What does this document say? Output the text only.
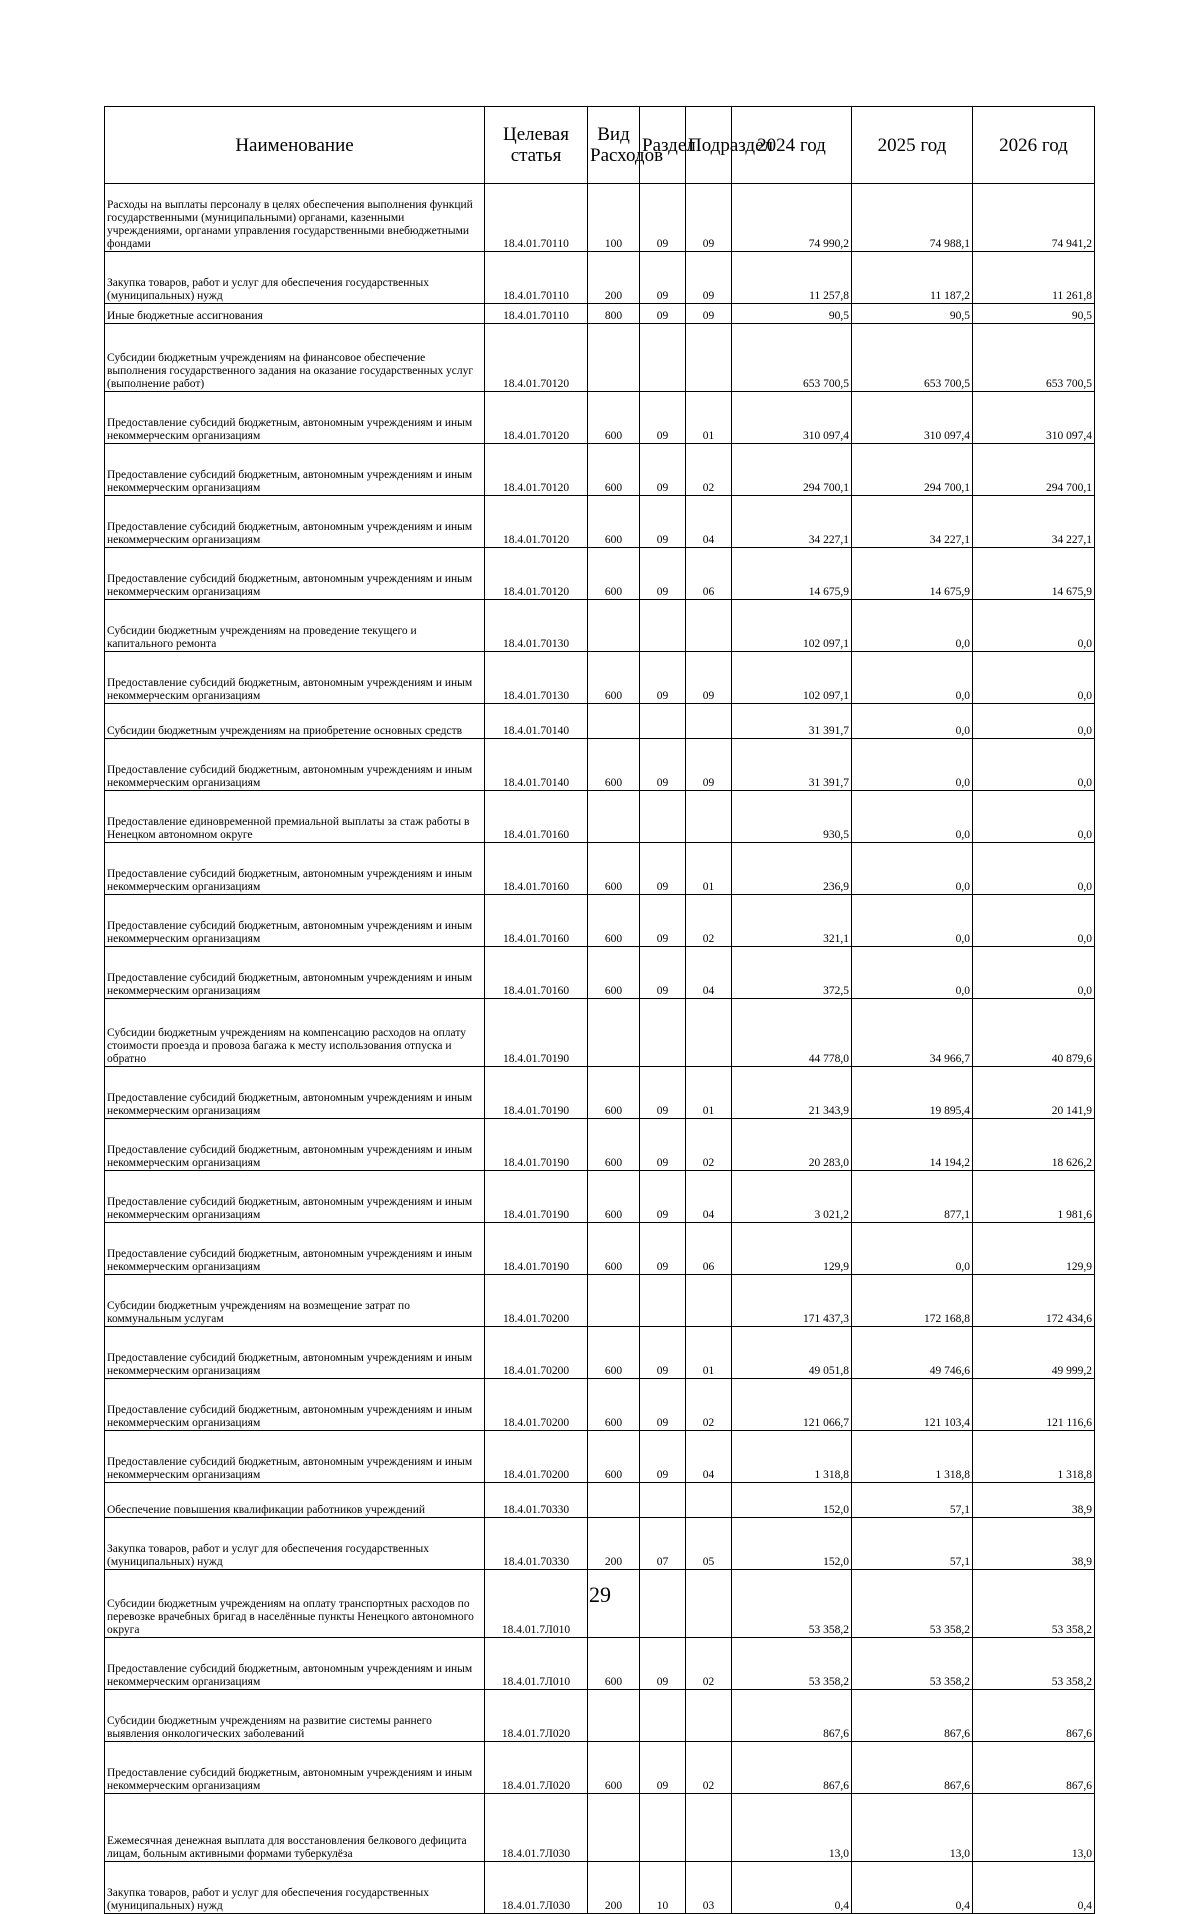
Наименование	Целевая статья	Вид Расходов	Раздел	Подраздел	2024 год	2025 год	2026 год
Расходы на выплаты персоналу в целях обеспечения выполнения функций государственными (муниципальными) органами, казенными учреждениями, органами управления государственными внебюджетными фондами	18.4.01.70110	100	09	09	74 990,2	74 988,1	74 941,2
Закупка товаров, работ и услуг для обеспечения государственных (муниципальных) нужд	18.4.01.70110	200	09	09	11 257,8	11 187,2	11 261,8
Иные бюджетные ассигнования	18.4.01.70110	800	09	09	90,5	90,5	90,5
Субсидии бюджетным учреждениям на финансовое обеспечение выполнения государственного задания на оказание государственных услуг (выполнение работ)	18.4.01.70120				653 700,5	653 700,5	653 700,5
Предоставление субсидий бюджетным, автономным учреждениям и иным некоммерческим организациям	18.4.01.70120	600	09	01	310 097,4	310 097,4	310 097,4
Предоставление субсидий бюджетным, автономным учреждениям и иным некоммерческим организациям	18.4.01.70120	600	09	02	294 700,1	294 700,1	294 700,1
Предоставление субсидий бюджетным, автономным учреждениям и иным некоммерческим организациям	18.4.01.70120	600	09	04	34 227,1	34 227,1	34 227,1
Предоставление субсидий бюджетным, автономным учреждениям и иным некоммерческим организациям	18.4.01.70120	600	09	06	14 675,9	14 675,9	14 675,9
Субсидии бюджетным учреждениям на проведение текущего и капитального ремонта	18.4.01.70130				102 097,1	0,0	0,0
Предоставление субсидий бюджетным, автономным учреждениям и иным некоммерческим организациям	18.4.01.70130	600	09	09	102 097,1	0,0	0,0
Субсидии бюджетным учреждениям на приобретение основных средств	18.4.01.70140				31 391,7	0,0	0,0
Предоставление субсидий бюджетным, автономным учреждениям и иным некоммерческим организациям	18.4.01.70140	600	09	09	31 391,7	0,0	0,0
Предоставление единовременной премиальной выплаты за стаж работы в Ненецком автономном округе	18.4.01.70160				930,5	0,0	0,0
Предоставление субсидий бюджетным, автономным учреждениям и иным некоммерческим организациям	18.4.01.70160	600	09	01	236,9	0,0	0,0
Предоставление субсидий бюджетным, автономным учреждениям и иным некоммерческим организациям	18.4.01.70160	600	09	02	321,1	0,0	0,0
Предоставление субсидий бюджетным, автономным учреждениям и иным некоммерческим организациям	18.4.01.70160	600	09	04	372,5	0,0	0,0
Субсидии бюджетным учреждениям на компенсацию расходов на оплату стоимости проезда и провоза багажа к месту использования отпуска и обратно	18.4.01.70190				44 778,0	34 966,7	40 879,6
Предоставление субсидий бюджетным, автономным учреждениям и иным некоммерческим организациям	18.4.01.70190	600	09	01	21 343,9	19 895,4	20 141,9
Предоставление субсидий бюджетным, автономным учреждениям и иным некоммерческим организациям	18.4.01.70190	600	09	02	20 283,0	14 194,2	18 626,2
Предоставление субсидий бюджетным, автономным учреждениям и иным некоммерческим организациям	18.4.01.70190	600	09	04	3 021,2	877,1	1 981,6
Предоставление субсидий бюджетным, автономным учреждениям и иным некоммерческим организациям	18.4.01.70190	600	09	06	129,9	0,0	129,9
Субсидии бюджетным учреждениям на возмещение затрат по коммунальным услугам	18.4.01.70200				171 437,3	172 168,8	172 434,6
Предоставление субсидий бюджетным, автономным учреждениям и иным некоммерческим организациям	18.4.01.70200	600	09	01	49 051,8	49 746,6	49 999,2
Предоставление субсидий бюджетным, автономным учреждениям и иным некоммерческим организациям	18.4.01.70200	600	09	02	121 066,7	121 103,4	121 116,6
Предоставление субсидий бюджетным, автономным учреждениям и иным некоммерческим организациям	18.4.01.70200	600	09	04	1 318,8	1 318,8	1 318,8
Обеспечение повышения квалификации работников учреждений	18.4.01.70330				152,0	57,1	38,9
Закупка товаров, работ и услуг для обеспечения государственных (муниципальных) нужд	18.4.01.70330	200	07	05	152,0	57,1	38,9
Субсидии бюджетным учреждениям на оплату транспортных расходов по перевозке врачебных бригад в населённые пункты Ненецкого автономного округа	18.4.01.7Л010				53 358,2	53 358,2	53 358,2
Предоставление субсидий бюджетным, автономным учреждениям и иным некоммерческим организациям	18.4.01.7Л010	600	09	02	53 358,2	53 358,2	53 358,2
Субсидии бюджетным учреждениям на развитие системы раннего выявления онкологических заболеваний	18.4.01.7Л020				867,6	867,6	867,6
Предоставление субсидий бюджетным, автономным учреждениям и иным некоммерческим организациям	18.4.01.7Л020	600	09	02	867,6	867,6	867,6
Ежемесячная денежная выплата для восстановления белкового дефицита лицам, больным активными формами туберкулёза	18.4.01.7Л030				13,0	13,0	13,0
Закупка товаров, работ и услуг для обеспечения государственных (муниципальных) нужд	18.4.01.7Л030	200	10	03	0,4	0,4	0,4
29
